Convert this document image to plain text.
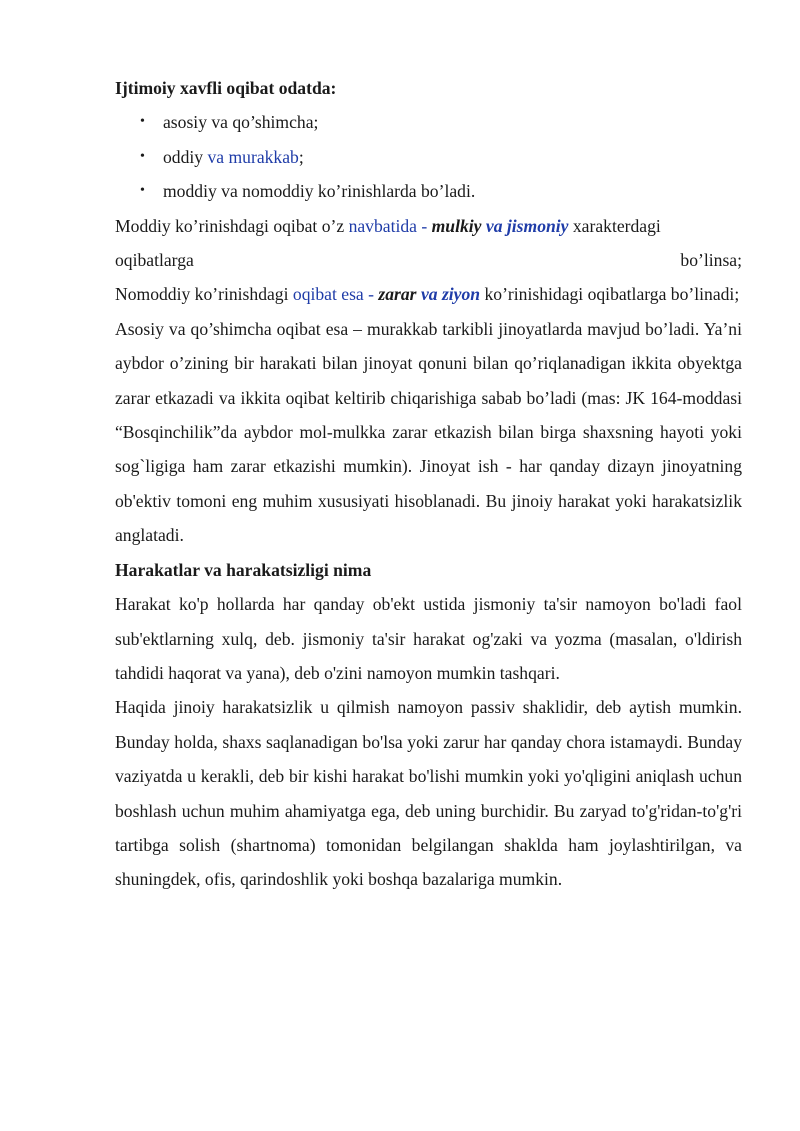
Ijtimoiy xavfli oqibat odatda:

• asosiy va qo’shimcha;
• oddiy va murakkab;
• moddiy va nomoddiy ko’rinishlarda bo’ladi.

Moddiy ko’rinishdagi oqibat o’z navbatida - mulkiy va jismoniy xarakterdagi

oqibatlarga	bo’linsa;

Nomoddiy ko’rinishdagi oqibat esa - zarar va ziyon ko’rinishidagi oqibatlarga bo’linadi;

Asosiy va qo’shimcha oqibat esa – murakkab tarkibli jinoyatlarda mavjud bo’ladi. Ya’ni aybdor o’zining bir harakati bilan jinoyat qonuni bilan qo’riqlanadigan ikkita obyektga zarar etkazadi va ikkita oqibat keltirib chiqarishiga sabab bo’ladi (mas: JK 164-moddasi “Bosqinchilik”da aybdor mol-mulkka zarar etkazish bilan birga shaxsning hayoti yoki sog`ligiga ham zarar etkazishi mumkin). Jinoyat ish - har qanday dizayn jinoyatning ob'ektiv tomoni eng muhim xususiyati hisoblanadi. Bu jinoiy harakat yoki harakatsizlik anglatadi.

Harakatlar va harakatsizligi nima

Harakat ko'p hollarda har qanday ob'ekt ustida jismoniy ta'sir namoyon bo'ladi faol sub'ektlarning xulq, deb. jismoniy ta'sir harakat og'zaki va yozma (masalan, o'ldirish tahdidi haqorat va yana), deb o'zini namoyon mumkin tashqari.

Haqida jinoiy harakatsizlik u qilmish namoyon passiv shaklidir, deb aytish mumkin. Bunday holda, shaxs saqlanadigan bo'lsa yoki zarur har qanday chora istamaydi. Bunday vaziyatda u kerakli, deb bir kishi harakat bo'lishi mumkin yoki yo'qligini aniqlash uchun boshlash uchun muhim ahamiyatga ega, deb uning burchidir. Bu zaryad to'g'ridan-to'g'ri tartibga solish (shartnoma) tomonidan belgilangan shaklda ham joylashtirilgan, va shuningdek, ofis, qarindoshlik yoki boshqa bazalariga mumkin.
